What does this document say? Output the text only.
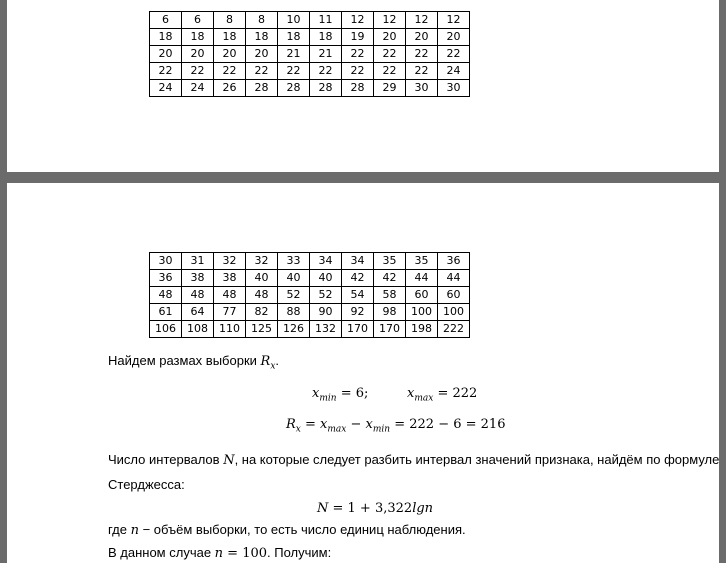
6	6	8	8	10	11	12	12	12	12
18	18	18	18	18	18	19	20	20	20
20	20	20	20	21	21	22	22	22	22
22	22	22	22	22	22	22	22	22	24
24	24	26	28	28	28	28	29	30	30
30	31	32	32	33	34	34	35	35	36
36	38	38	40	40	40	42	42	44	44
48	48	48	48	52	52	54	58	60	60
61	64	77	82	88	90	92	98	100	100
106	108	110	125	126	132	170	170	198	222
Найдем размах выборки $R_x$.
$x_{min} = 6$;	$x_{max} = 222$
$R_x = x_{max} - x_{min} = 222 - 6 = 216$
Число интервалов N, на которые следует разбить интервал значений признака, найдём по формуле
Стерджесса:
N = 1 + 3,322lgn
где n − объём выборки, то есть число единиц наблюдения.
В данном случае n = 100. Получим:
